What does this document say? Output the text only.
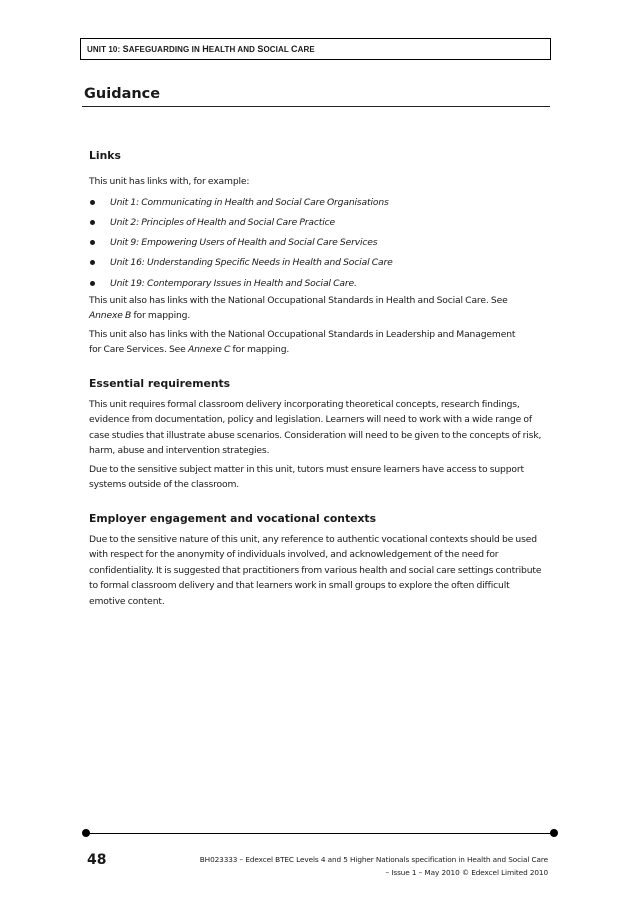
UNIT 10: SAFEGUARDING IN HEALTH AND SOCIAL CARE
Guidance
Links

This unit has links with, for example:

Unit 1: Communicating in Health and Social Care Organisations
Unit 2: Principles of Health and Social Care Practice
Unit 9: Empowering Users of Health and Social Care Services
Unit 16: Understanding Specific Needs in Health and Social Care
Unit 19: Contemporary Issues in Health and Social Care.

This unit also has links with the National Occupational Standards in Health and Social Care. See
Annexe B for mapping.

This unit also has links with the National Occupational Standards in Leadership and Management
for Care Services. See Annexe C for mapping.

Essential requirements

This unit requires formal classroom delivery incorporating theoretical concepts, research findings, evidence from documentation, policy and legislation. Learners will need to work with a wide range of case studies that illustrate abuse scenarios. Consideration will need to be given to the concepts of risk, harm, abuse and intervention strategies.

Due to the sensitive subject matter in this unit, tutors must ensure learners have access to support systems outside of the classroom.

Employer engagement and vocational contexts

Due to the sensitive nature of this unit, any reference to authentic vocational contexts should be used with respect for the anonymity of individuals involved, and acknowledgement of the need for confidentiality. It is suggested that practitioners from various health and social care settings contribute to formal classroom delivery and that learners work in small groups to explore the often difficult emotive content.

48	BH023333 – Edexcel BTEC Levels 4 and 5 Higher Nationals specification in Health and Social Care
– Issue 1 – May 2010 © Edexcel Limited 2010
